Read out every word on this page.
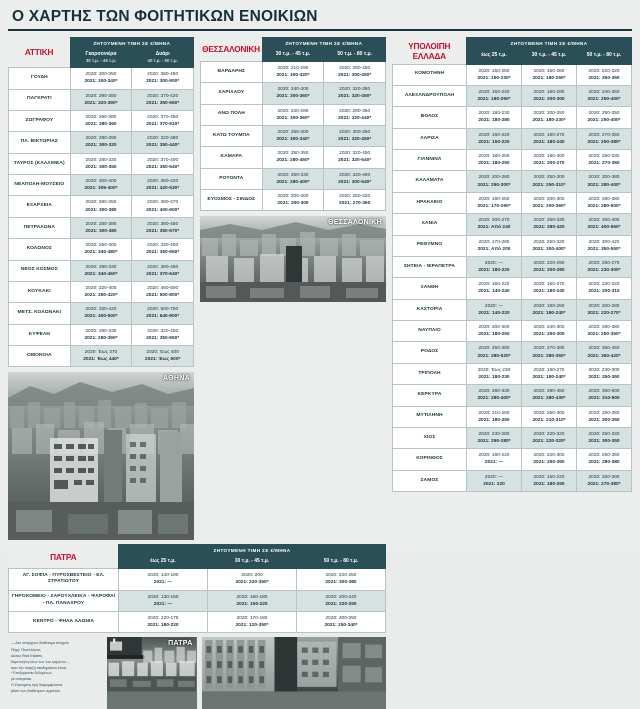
Ο ΧΑΡΤΗΣ ΤΩΝ ΦΟΙΤΗΤΙΚΩΝ ΕΝΟΙΚΙΩΝ
ΑΤΤΙΚΗ	ΖΗΤΟΥΜΕΝΗ ΤΙΜΗ ΣΕ €/ΜΗΝΑ	

	Γκαρσονιέρα
30 τ.μ. - 45 τ.μ.	Δυάρι
40 τ.μ. - 50 τ.μ.

ΓΟΥΔΗ	2020: 300-350
2021: 300-340*	2020: 380-480
2021: 300-500*

ΠΑΓΚΡΑΤΙ	2020: 290-350
2021: 320-390*	2020: 370-420
2021: 350-550*

ΖΩΓΡΑΦΟΥ	2020: 290-380
2021: 280-360	2020: 370-450
2021: 370-510*

ΠΛ. ΒΙΚΤΩΡΙΑΣ	2020: 280-390
2021: 300-320	2020: 320-380
2021: 350-440*

ΤΑΥΡΟΣ (ΚΑΛΛΙΘΕΑ)	2020: 280-320
2021: 300-350	2020: 370-400
2021: 350-540*

ΝΕΑΠΟΛΗ-ΜΟΥΣΕΙΟ	2020: 300-400
2021: 305-400*	2020: 360-420
2021: 420-530*

ΕΞΑΡΧΕΙΑ	2020: 280-350
2021: 300-380	2020: 390-470
2021: 400-600*

ΠΕΤΡΑΛΩΝΑ	2020: 280-380
2021: 300-380	2020: 380-460
2021: 350-570*

ΚΟΛΩΝΟΣ	2020: 250-300
2021: 340-480*	2020: 330-400
2021: 350-650*

ΝΕΟΣ ΚΟΣΜΟΣ	2020: 280-330
2021: 340-460*	2020: 380-450
2021: 370-640*

ΚΟΥΚΑΚΙ	2020: 320-400
2021: 350-420*	2020: 450-600
2021: 500-800*

ΜΕΤΣ, ΚΟΛΩΝΑΚΙ	2020: 320-420
2021: 400-500*	2020: 500-700
2021: 640-900*

ΚΥΨΕΛΗ	2020: 260-330
2021: 280-390*	2020: 320-400
2021: 350-550*

ΟΜΟΝΟΙΑ	2020: Έως 370
2021: Έως 440*	2020: Έως 400
2021: Έως 600*
ΑΘΗΝΑ
ΘΕΣΣΑΛΟΝΙΚΗ	ΖΗΤΟΥΜΕΝΗ ΤΙΜΗ ΣΕ €/ΜΗΝΑ	

	30 τ.μ. - 45 τ.μ.	50 τ.μ. - 80 τ.μ.

ΒΑΡΔΑΡΗΣ	2020: 210-290
2021: 300-320*	2020: 280-450
2021: 300-450*

ΧΑΡΙΛΑΟΥ	2020: 240-300
2021: 300-360*	2020: 320-380
2021: 320-450*

ΑΝΩ ΠΟΛΗ	2020: 220-280
2021: 300-360*	2020: 280-350
2021: 320-440*

ΚΑΤΩ ΤΟΥΜΠΑ	2020: 250-300
2021: 300-340*	2020: 300-350
2021: 320-450*

ΚΑΜΑΡΑ	2020: 250-350
2021: 280-450*	2020: 320-450
2021: 320-540*

ΡΟΤΟΝΤΑ	2020: 250-330
2021: 280-400*	2020: 340-480
2021: 300-540*

ΕΥΟΣΜΟΣ - ΣΙΝΔΟΣ	2020: 200-300
2021: 200-300	2020: 250-320
2021: 270-350
ΘΕΣΣΑΛΟΝΙΚΗ
ΥΠΟΛΟΙΠΗ
ΕΛΛΑΔΑ	ΖΗΤΟΥΜΕΝΗ ΤΙΜΗ ΣΕ €/ΜΗΝΑ		

	έως 25 τ.μ.	30 τ.μ. - 45 τ.μ.	50 τ.μ. - 80 τ.μ.

ΚΟΜΟΤΗΝΗ	2020: 150-250
2021: 150-230*	2020: 160-260
2021: 180-250*	2020: 220-320
2021: 260-350

ΑΛΕΞΑΝΔΡΟΥΠΟΛΗ	2020: 150-240
2021: 180-250*	2020: 180-280
2021: 200-300	2020: 240-350
2021: 250-400*

ΒΟΛΟΣ	2020: 180-230
2021: 180-280	2020: 200-250
2021: 180-230*	2020: 250-350
2021: 250-400*

ΛΑΡΙΣΑ	2020: 160-220
2021: 150-220	2020: 180-270
2021: 180-240	2020: 270-350
2021: 250-380*

ΓΙΑΝΝΙΝΑ	2020: 180-250
2021: 180-250	2020: 180-300
2021: 200-270	2020: 250-330
2021: 270-350

ΚΑΛΑΜΑΤΑ	2020: 200-260
2021: 250-300*	2020: 250-300
2021: 250-310*	2020: 300-380
2021: 280-400*

ΗΡΑΚΛΕΙΟ	2020: 180-250
2021: 170-290*	2020: 200-300
2021: 200-360*	2020: 280-380
2021: 280-500*

ΧΑΝΙΑ	2020: 200-270
2021: Από 240	2020: 250-330
2021: 280-420	2020: 300-400
2021: 400-550*

ΡΕΘΥΜΝΟ	2020: 170-280
2021: Από 200	2020: 250-320
2021: 300-400*	2020: 300-420
2021: 350-550*

ΣΗΤΕΙΑ - ΙΕΡΑΠΕΤΡΑ	2020: —
2021: 180-220	2020: 220-290
2021: 200-280	2020: 250-270
2021: 230-300*

ΞΑΝΘΗ	2020: 150-220
2021: 140-240	2020: 160-270
2021: 180-240	2020: 230-320
2021: 200-310

ΚΑΣΤΟΡΙΑ	2020: —
2021: 140-220	2020: 180-250
2021: 180-240*	2020: 200-280
2021: 220-270*

ΝΑΥΠΛΙΟ	2020: 200-300
2021: 180-250	2020: 240-300
2021: 250-300	2020: 280-380
2021: 250-350*

ΡΟΔΟΣ	2020: 250-380
2021: 280-520*	2020: 270-380
2021: 280-350*	2020: 350-450
2021: 360-420*

ΤΡΙΠΟΛΗ	2020: Έως 230
2021: 180-230	2020: 180-270
2021: 180-240*	2020: 230-300
2021: 250-350

ΚΕΡΚΥΡΑ	2020: 280-330
2021: 280-400*	2020: 280-450
2021: 280-430*	2020: 350-500
2021: 310-500

ΜΥΤΙΛΗΝΗ	2020: 210-250
2021: 180-250	2020: 250-300
2021: 210-310*	2020: 250-350
2021: 300-350

ΧΙΟΣ	2020: 230-280
2021: 250-280*	2020: 220-320
2021: 220-320*	2020: 250-330
2021: 300-350

ΚΟΡΙΝΘΟΣ	2020: 180-220
2021: —	2020: 220-300
2021: 250-350	2020: 250-350
2021: 280-380

ΣΑΜΟΣ	2020: —
2021: 220	2020: 150-220
2021: 180-250	2020: 250-300
2021: 270-380*
ΠΑΤΡΑ	ΖΗΤΟΥΜΕΝΗ ΤΙΜΗ ΣΕ €/ΜΗΝΑ		

	έως 25 τ.μ.	30 τ.μ. - 45 τ.μ.	50 τ.μ. - 80 τ.μ.

ΑΓ. ΣΟΦΙΑ - ΠΥΡΟΣΒΕΣΤΕΙΟ - ΕΛ. ΣΤΡΑΤΙΩΤΟΥ	2020: 140-180
2021: —	2020: 200
2021: 220-350*	2020: 220-250
2021: 300-380

ΓΗΡΟΚΟΜΕΙΟ - ΖΑΡΟΥΧΛΕΙΚΑ - ΨΑΡΟΦΑΪ - ΠΛ. ΠΑΝΑΧΡΟΥ	2020: 130-150
2021: —	2020: 160-180
2021: 150-220	2020: 200-240
2021: 220-250

ΚΕΝΤΡΟ - ΨΗΛΑ ΑΛΩΝΙΑ	2020: 120-175
2021: 180-220	2020: 170-180
2021: 120-350*	2020: 200-250
2021: 250-340*
— Δεν υπάρχουν διαθέσιμα στοιχεία
Πηγή: Πανελλήνιος
Δίκτυο Real Estates,
διερεύνηση όλων των 1ου τριμήνου –
πριν την έναρξη ακαδημαϊκού έτους.
* Επεξεργασία δεδομένων
μέ αστερίσκο.
Η Ζητούμενη τιμή διαμορφώνεται
βάσει των διαθέσιμων αγγελιών.
ΠΑΤΡΑ
